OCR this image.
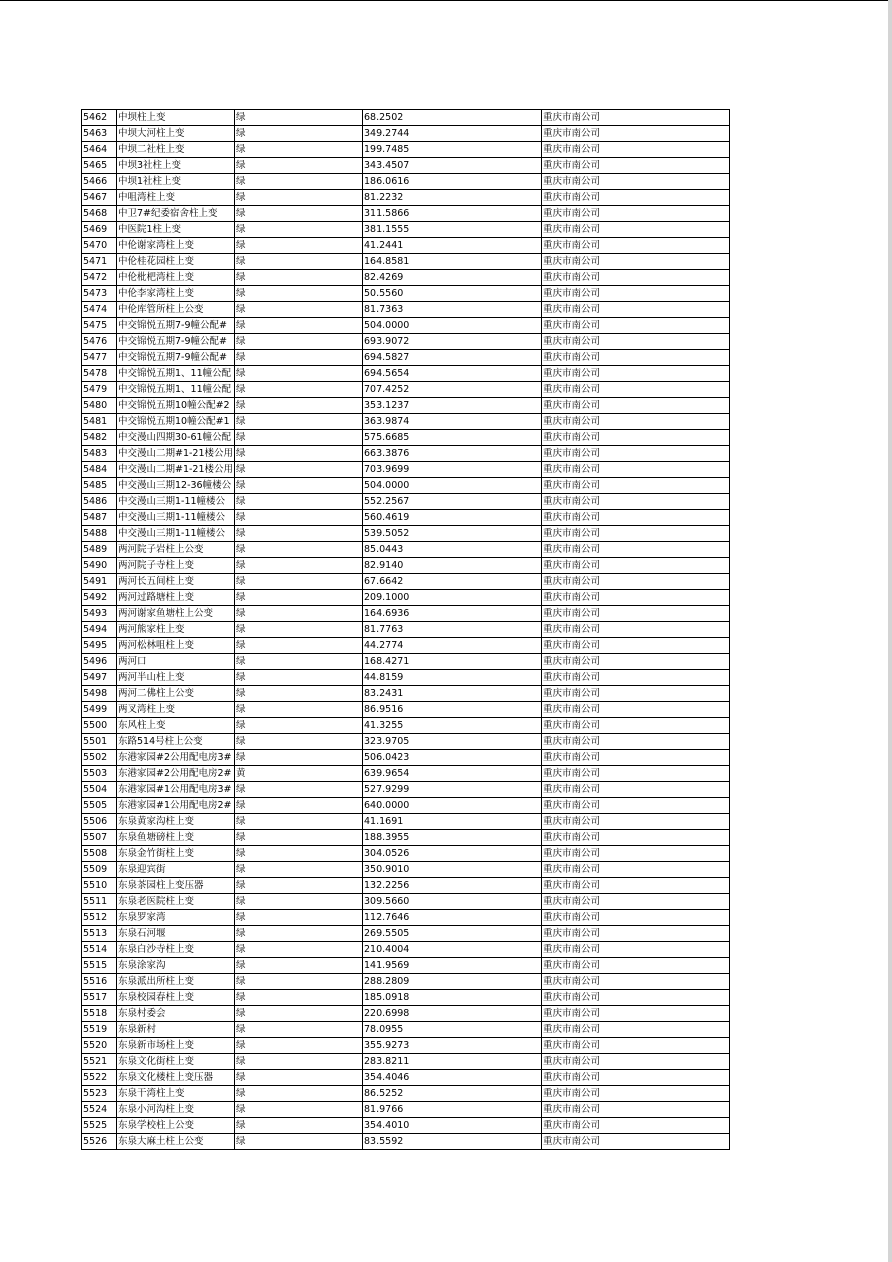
5462	中坝柱上变	绿	68.2502	重庆市南公司
5463	中坝大河柱上变	绿	349.2744	重庆市南公司
5464	中坝二社柱上变	绿	199.7485	重庆市南公司
5465	中坝3社柱上变	绿	343.4507	重庆市南公司
5466	中坝1社柱上变	绿	186.0616	重庆市南公司
5467	中咀湾柱上变	绿	81.2232	重庆市南公司
5468	中卫7#纪委宿舍柱上变	绿	311.5866	重庆市南公司
5469	中医院1柱上变	绿	381.1555	重庆市南公司
5470	中伦谢家湾柱上变	绿	41.2441	重庆市南公司
5471	中伦桂花园柱上变	绿	164.8581	重庆市南公司
5472	中伦枇杷湾柱上变	绿	82.4269	重庆市南公司
5473	中伦李家湾柱上变	绿	50.5560	重庆市南公司
5474	中伦库管所柱上公变	绿	81.7363	重庆市南公司
5475	中交锦悦五期7-9幢公配#	绿	504.0000	重庆市南公司
5476	中交锦悦五期7-9幢公配#	绿	693.9072	重庆市南公司
5477	中交锦悦五期7-9幢公配#	绿	694.5827	重庆市南公司
5478	中交锦悦五期1、11幢公配	绿	694.5654	重庆市南公司
5479	中交锦悦五期1、11幢公配	绿	707.4252	重庆市南公司
5480	中交锦悦五期10幢公配#2	绿	353.1237	重庆市南公司
5481	中交锦悦五期10幢公配#1	绿	363.9874	重庆市南公司
5482	中交漫山四期30-61幢公配	绿	575.6685	重庆市南公司
5483	中交漫山二期#1-21楼公用	绿	663.3876	重庆市南公司
5484	中交漫山二期#1-21楼公用	绿	703.9699	重庆市南公司
5485	中交漫山三期12-36幢楼公	绿	504.0000	重庆市南公司
5486	中交漫山三期1-11幢楼公	绿	552.2567	重庆市南公司
5487	中交漫山三期1-11幢楼公	绿	560.4619	重庆市南公司
5488	中交漫山三期1-11幢楼公	绿	539.5052	重庆市南公司
5489	两河院子岩柱上公变	绿	85.0443	重庆市南公司
5490	两河院子寺柱上变	绿	82.9140	重庆市南公司
5491	两河长五间柱上变	绿	67.6642	重庆市南公司
5492	两河过路塘柱上变	绿	209.1000	重庆市南公司
5493	两河谢家鱼塘柱上公变	绿	164.6936	重庆市南公司
5494	两河熊家柱上变	绿	81.7763	重庆市南公司
5495	两河松林咀柱上变	绿	44.2774	重庆市南公司
5496	两河口	绿	168.4271	重庆市南公司
5497	两河半山柱上变	绿	44.8159	重庆市南公司
5498	两河二佛柱上公变	绿	83.2431	重庆市南公司
5499	两叉湾柱上变	绿	86.9516	重庆市南公司
5500	东风柱上变	绿	41.3255	重庆市南公司
5501	东路514号柱上公变	绿	323.9705	重庆市南公司
5502	东港家园#2公用配电房3#	绿	506.0423	重庆市南公司
5503	东港家园#2公用配电房2#	黄	639.9654	重庆市南公司
5504	东港家园#1公用配电房3#	绿	527.9299	重庆市南公司
5505	东港家园#1公用配电房2#	绿	640.0000	重庆市南公司
5506	东泉黄家沟柱上变	绿	41.1691	重庆市南公司
5507	东泉鱼塘磅柱上变	绿	188.3955	重庆市南公司
5508	东泉金竹街柱上变	绿	304.0526	重庆市南公司
5509	东泉迎宾街	绿	350.9010	重庆市南公司
5510	东泉茶园柱上变压器	绿	132.2256	重庆市南公司
5511	东泉老医院柱上变	绿	309.5660	重庆市南公司
5512	东泉罗家湾	绿	112.7646	重庆市南公司
5513	东泉石河堰	绿	269.5505	重庆市南公司
5514	东泉白沙寺柱上变	绿	210.4004	重庆市南公司
5515	东泉涂家沟	绿	141.9569	重庆市南公司
5516	东泉派出所柱上变	绿	288.2809	重庆市南公司
5517	东泉校园春柱上变	绿	185.0918	重庆市南公司
5518	东泉村委会	绿	220.6998	重庆市南公司
5519	东泉新村	绿	78.0955	重庆市南公司
5520	东泉新市场柱上变	绿	355.9273	重庆市南公司
5521	东泉文化街柱上变	绿	283.8211	重庆市南公司
5522	东泉文化楼柱上变压器	绿	354.4046	重庆市南公司
5523	东泉干湾柱上变	绿	86.5252	重庆市南公司
5524	东泉小河沟柱上变	绿	81.9766	重庆市南公司
5525	东泉学校柱上公变	绿	354.4010	重庆市南公司
5526	东泉大麻土柱上公变	绿	83.5592	重庆市南公司
